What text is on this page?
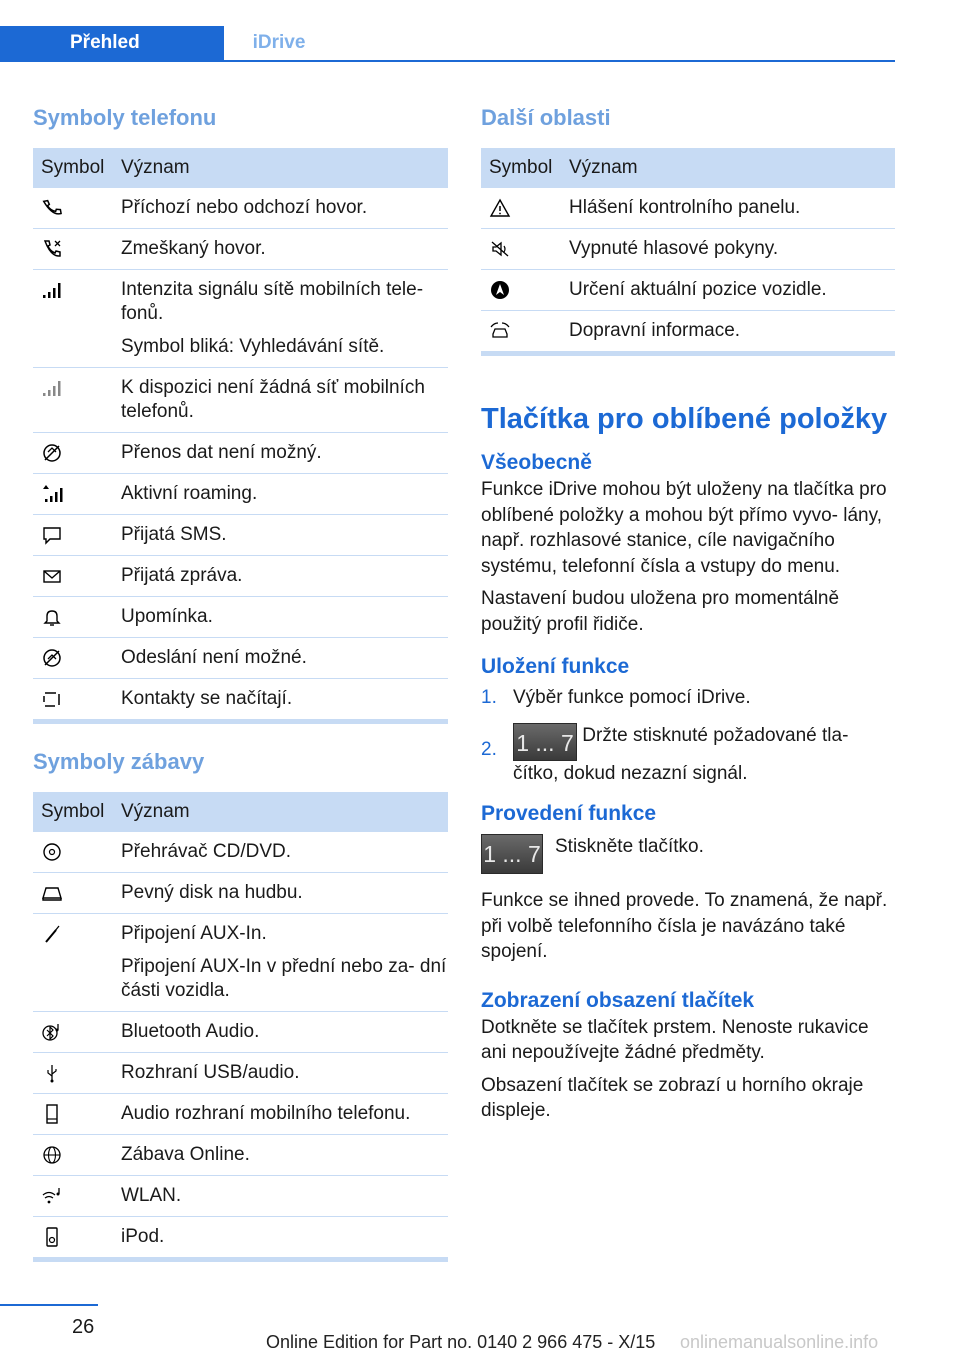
Přehled	iDrive
Symboly telefonu
Symbol	Význam

Příchozí nebo odchozí hovor.

Zmeškaný hovor.

Intenzita signálu sítě mobilních tele‐ fonů.

Symbol bliká: Vyhledávání sítě.

K dispozici není žádná síť mobilních telefonů.

Přenos dat není možný.

Aktivní roaming.

Přijatá SMS.

Přijatá zpráva.

Upomínka.

Odeslání není možné.

Kontakty se načítají.

Symboly zábavy
Symbol	Význam

Přehrávač CD/DVD.

Pevný disk na hudbu.

Připojení AUX-In.

Připojení AUX-In v přední nebo za‐ dní části vozidla.

Bluetooth Audio.

Rozhraní USB/audio.

Audio rozhraní mobilního telefonu.

Zábava Online.

WLAN.

iPod.

Další oblasti
Symbol	Význam

Hlášení kontrolního panelu.

Vypnuté hlasové pokyny.

Určení aktuální pozice vozidle.

Dopravní informace.

Tlačítka pro oblíbené položky
Všeobecně

Funkce iDrive mohou být uloženy na tlačítka pro oblíbené položky a mohou být přímo vyvo‐ lány, např. rozhlasové stanice, cíle navigačního systému, telefonní čísla a vstupy do menu.

Nastavení budou uložena pro momentálně použitý profil řidiče.

Uložení funkce
1. Výběr funkce pomocí iDrive.
2. 1 ... 7 Držte stisknuté požadované tla‐ čítko, dokud nezazní signál.
Provedení funkce
1 ... 7 Stiskněte tlačítko.

Funkce se ihned provede. To znamená, že např. při volbě telefonního čísla je navázáno také spojení.

Zobrazení obsazení tlačítek

Dotkněte se tlačítek prstem. Nenoste rukavice ani nepoužívejte žádné předměty.

Obsazení tlačítek se zobrazí u horního okraje displeje.

26
Online Edition for Part no. 0140 2 966 475 - X/15 onlinemanualsonline.info
